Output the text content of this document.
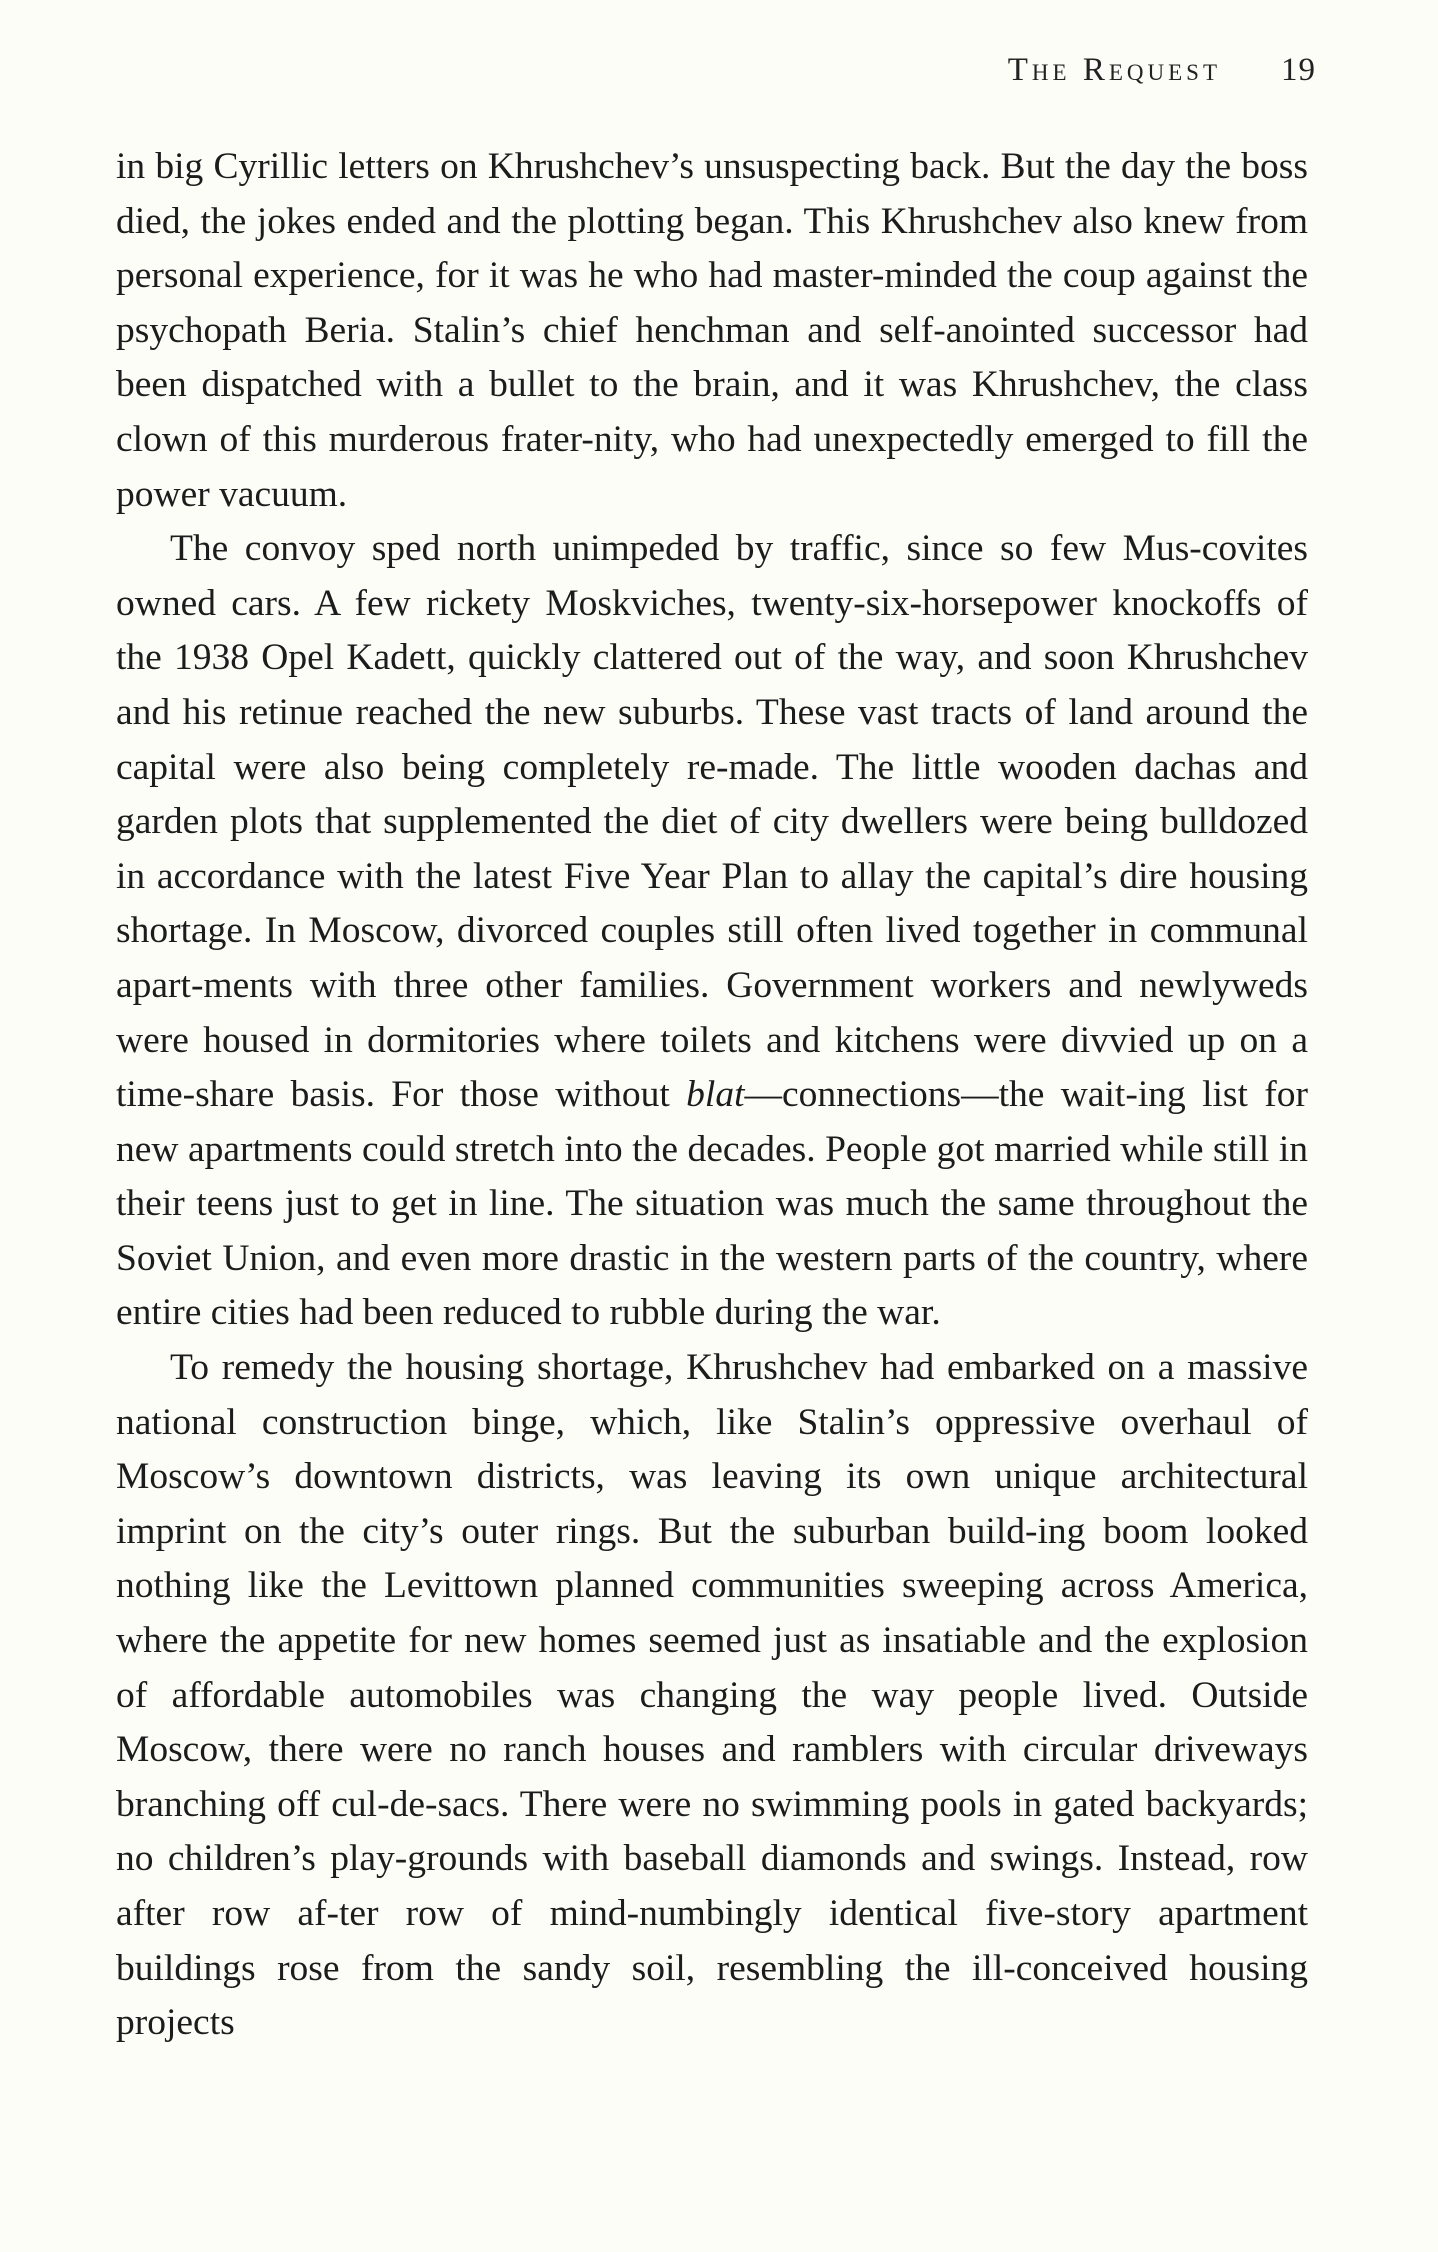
The Request 19

in big Cyrillic letters on Khrushchev’s unsuspecting back. But the day the boss died, the jokes ended and the plotting began. This Khrushchev also knew from personal experience, for it was he who had master-minded the coup against the psychopath Beria. Stalin’s chief henchman and self-anointed successor had been dispatched with a bullet to the brain, and it was Khrushchev, the class clown of this murderous frater-nity, who had unexpectedly emerged to fill the power vacuum.

The convoy sped north unimpeded by traffic, since so few Mus-covites owned cars. A few rickety Moskviches, twenty-six-horsepower knockoffs of the 1938 Opel Kadett, quickly clattered out of the way, and soon Khrushchev and his retinue reached the new suburbs. These vast tracts of land around the capital were also being completely re-made. The little wooden dachas and garden plots that supplemented the diet of city dwellers were being bulldozed in accordance with the latest Five Year Plan to allay the capital’s dire housing shortage. In Moscow, divorced couples still often lived together in communal apart-ments with three other families. Government workers and newlyweds were housed in dormitories where toilets and kitchens were divvied up on a time-share basis. For those without blat—connections—the wait-ing list for new apartments could stretch into the decades. People got married while still in their teens just to get in line. The situation was much the same throughout the Soviet Union, and even more drastic in the western parts of the country, where entire cities had been reduced to rubble during the war.

To remedy the housing shortage, Khrushchev had embarked on a massive national construction binge, which, like Stalin’s oppressive overhaul of Moscow’s downtown districts, was leaving its own unique architectural imprint on the city’s outer rings. But the suburban build-ing boom looked nothing like the Levittown planned communities sweeping across America, where the appetite for new homes seemed just as insatiable and the explosion of affordable automobiles was changing the way people lived. Outside Moscow, there were no ranch houses and ramblers with circular driveways branching off cul-de-sacs. There were no swimming pools in gated backyards; no children’s play-grounds with baseball diamonds and swings. Instead, row after row af-ter row of mind-numbingly identical five-story apartment buildings rose from the sandy soil, resembling the ill-conceived housing projects
